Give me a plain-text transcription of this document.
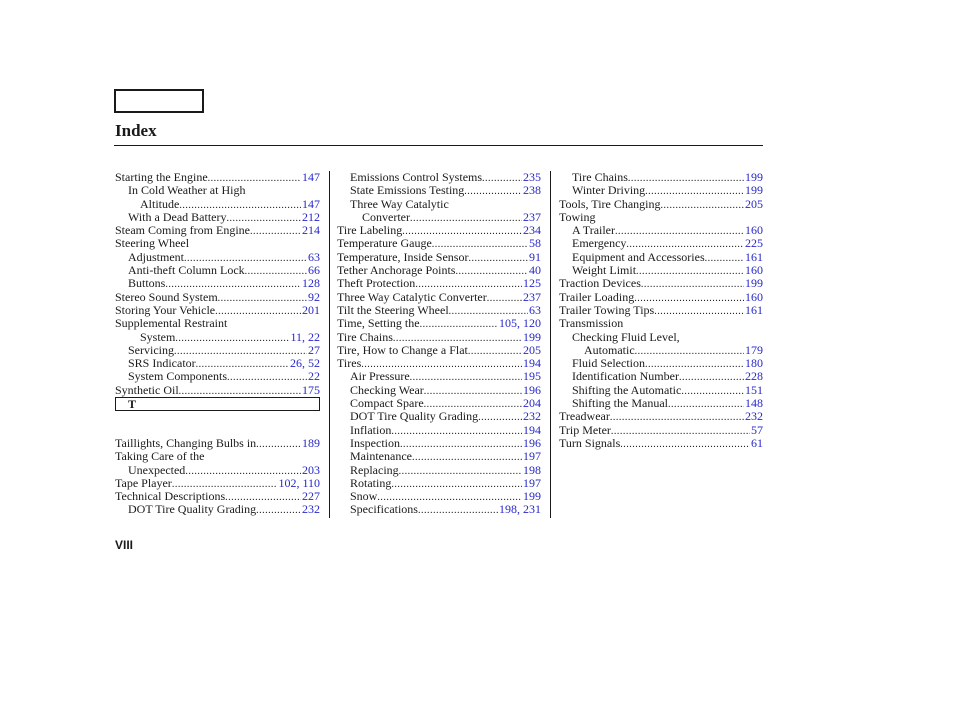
Index
Starting the Engine .....	147
In Cold Weather at High
Altitude .....	147
With a Dead Battery .....	212
Steam Coming from Engine .....	214
Steering Wheel
Adjustment .....	63
Anti-theft Column Lock .....	66
Buttons .....	128
Stereo Sound System .....	92
Storing Your Vehicle .....	201
Supplemental Restraint
System .....	11, 22
Servicing .....	27
SRS Indicator .....	26, 52
System Components .....	22
Synthetic Oil .....	175
T
Taillights, Changing Bulbs in .....	189
Taking Care of the
Unexpected .....	203
Tape Player .....	102, 110
Technical Descriptions .....	227
DOT Tire Quality Grading .....	232
Emissions Control Systems .....	235
State Emissions Testing .....	238
Three Way Catalytic
Converter .....	237
Tire Labeling .....	234
Temperature Gauge .....	58
Temperature, Inside Sensor .....	91
Tether Anchorage Points .....	40
Theft Protection .....	125
Three Way Catalytic Converter .....	237
Tilt the Steering Wheel .....	63
Time, Setting the .....	105, 120
Tire Chains .....	199
Tire, How to Change a Flat .....	205
Tires .....	194
Air Pressure .....	195
Checking Wear .....	196
Compact Spare .....	204
DOT Tire Quality Grading .....	232
Inflation .....	194
Inspection .....	196
Maintenance .....	197
Replacing .....	198
Rotating .....	197
Snow .....	199
Specifications .....	198, 231
Tire Chains .....	199
Winter Driving .....	199
Tools, Tire Changing .....	205
Towing
A Trailer .....	160
Emergency .....	225
Equipment and Accessories .....	161
Weight Limit .....	160
Traction Devices .....	199
Trailer Loading .....	160
Trailer Towing Tips .....	161
Transmission
Checking Fluid Level,
Automatic .....	179
Fluid Selection .....	180
Identification Number .....	228
Shifting the Automatic .....	151
Shifting the Manual .....	148
Treadwear .....	232
Trip Meter .....	57
Turn Signals .....	61
VIII
